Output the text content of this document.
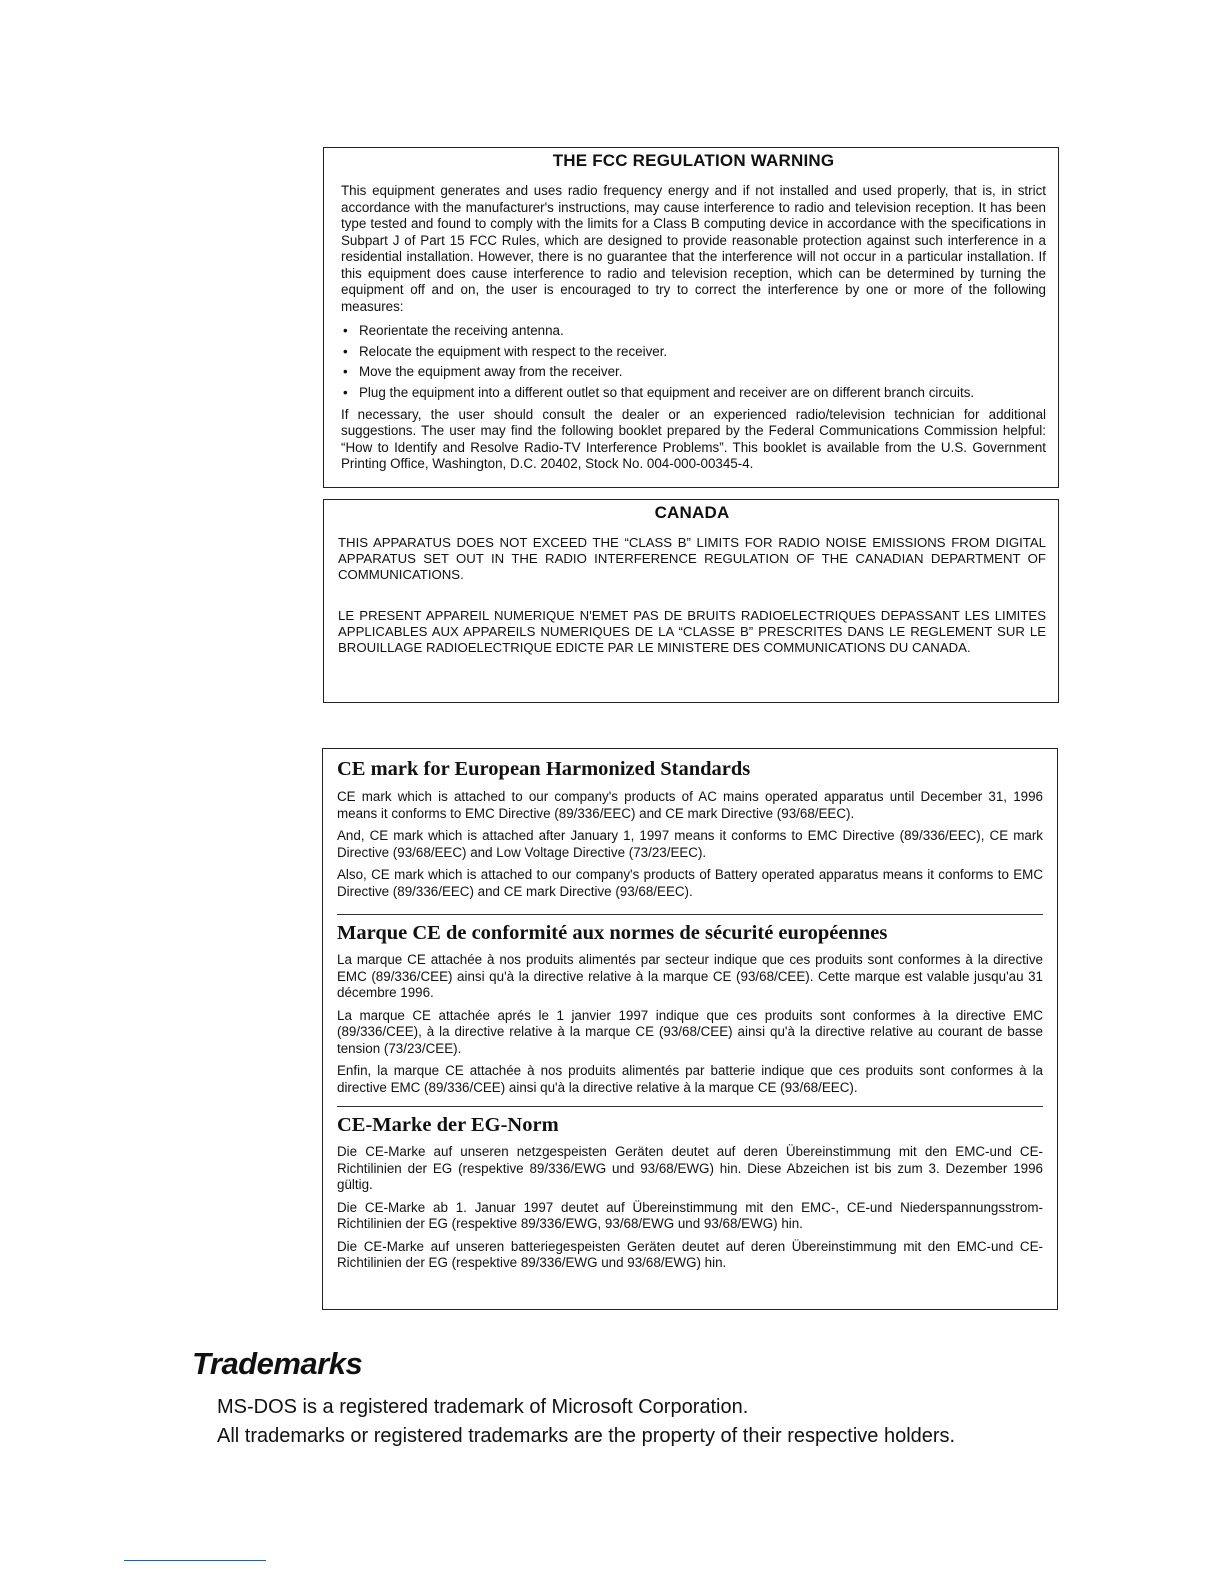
THE FCC REGULATION WARNING

This equipment generates and uses radio frequency energy and if not installed and used properly, that is, in strict accordance with the manufacturer's instructions, may cause interference to radio and television reception. It has been type tested and found to comply with the limits for a Class B computing device in accordance with the specifications in Subpart J of Part 15 FCC Rules, which are designed to provide reasonable protection against such interference in a residential installation. However, there is no guarantee that the interference will not occur in a particular installation. If this equipment does cause interference to radio and television reception, which can be determined by turning the equipment off and on, the user is encouraged to try to correct the interference by one or more of the following measures:

• Reorientate the receiving antenna.
• Relocate the equipment with respect to the receiver.
• Move the equipment away from the receiver.
• Plug the equipment into a different outlet so that equipment and receiver are on different branch circuits.

If necessary, the user should consult the dealer or an experienced radio/television technician for additional suggestions. The user may find the following booklet prepared by the Federal Communications Commission helpful: “How to Identify and Resolve Radio-TV Interference Problems”. This booklet is available from the U.S. Government Printing Office, Washington, D.C. 20402, Stock No. 004-000-00345-4.

CANADA

THIS APPARATUS DOES NOT EXCEED THE “CLASS B” LIMITS FOR RADIO NOISE EMISSIONS FROM DIGITAL APPARATUS SET OUT IN THE RADIO INTERFERENCE REGULATION OF THE CANADIAN DEPARTMENT OF COMMUNICATIONS.

LE PRESENT APPAREIL NUMERIQUE N'EMET PAS DE BRUITS RADIOELECTRIQUES DEPASSANT LES LIMITES APPLICABLES AUX APPAREILS NUMERIQUES DE LA “CLASSE B” PRESCRITES DANS LE REGLEMENT SUR LE BROUILLAGE RADIOELECTRIQUE EDICTE PAR LE MINISTERE DES COMMUNICATIONS DU CANADA.

CE mark for European Harmonized Standards

CE mark which is attached to our company's products of AC mains operated apparatus until December 31, 1996 means it conforms to EMC Directive (89/336/EEC) and CE mark Directive (93/68/EEC).

And, CE mark which is attached after January 1, 1997 means it conforms to EMC Directive (89/336/EEC), CE mark Directive (93/68/EEC) and Low Voltage Directive (73/23/EEC).

Also, CE mark which is attached to our company's products of Battery operated apparatus means it conforms to EMC Directive (89/336/EEC) and CE mark Directive (93/68/EEC).

Marque CE de conformité aux normes de sécurité européennes

La marque CE attachée à nos produits alimentés par secteur indique que ces produits sont conformes à la directive EMC (89/336/CEE) ainsi qu'à la directive relative à la marque CE (93/68/CEE). Cette marque est valable jusqu'au 31 décembre 1996.

La marque CE attachée aprés le 1 janvier 1997 indique que ces produits sont conformes à la directive EMC (89/336/CEE), à la directive relative à la marque CE (93/68/CEE) ainsi qu'à la directive relative au courant de basse tension (73/23/CEE).

Enfin, la marque CE attachée à nos produits alimentés par batterie indique que ces produits sont conformes à la directive EMC (89/336/CEE) ainsi qu'à la directive relative à la marque CE (93/68/EEC).

CE-Marke der EG-Norm

Die CE-Marke auf unseren netzgespeisten Geräten deutet auf deren Übereinstimmung mit den EMC-und CE-Richtilinien der EG (respektive 89/336/EWG und 93/68/EWG) hin. Diese Abzeichen ist bis zum 3. Dezember 1996 gültig.

Die CE-Marke ab 1. Januar 1997 deutet auf Übereinstimmung mit den EMC-, CE-und Niederspannungsstrom-Richtilinien der EG (respektive 89/336/EWG, 93/68/EWG und 93/68/EWG) hin.

Die CE-Marke auf unseren batteriegespeisten Geräten deutet auf deren Übereinstimmung mit den EMC-und CE-Richtilinien der EG (respektive 89/336/EWG und 93/68/EWG) hin.

Trademarks

MS-DOS is a registered trademark of Microsoft Corporation.

All trademarks or registered trademarks are the property of their respective holders.
